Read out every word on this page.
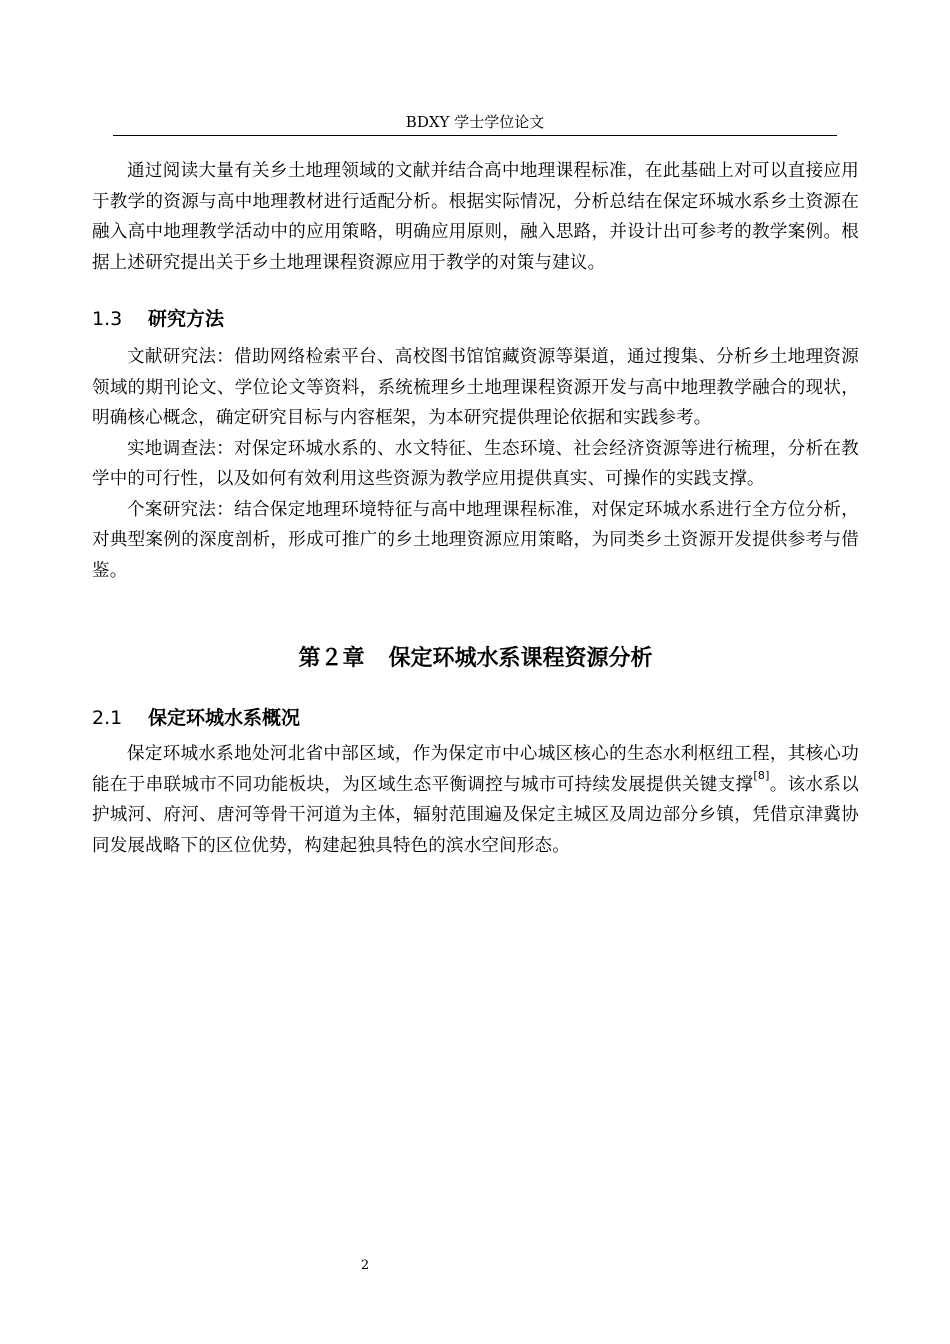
BDXY 学士学位论文

通过阅读大量有关乡土地理领域的文献并结合高中地理课程标准，在此基础上对可以直接应用于教学的资源与高中地理教材进行适配分析。根据实际情况，分析总结在保定环城水系乡土资源在融入高中地理教学活动中的应用策略，明确应用原则，融入思路，并设计出可参考的教学案例。根据上述研究提出关于乡土地理课程资源应用于教学的对策与建议。

1.3 研究方法

文献研究法：借助网络检索平台、高校图书馆馆藏资源等渠道，通过搜集、分析乡土地理资源领域的期刊论文、学位论文等资料，系统梳理乡土地理课程资源开发与高中地理教学融合的现状，明确核心概念，确定研究目标与内容框架，为本研究提供理论依据和实践参考。

实地调查法：对保定环城水系的、水文特征、生态环境、社会经济资源等进行梳理，分析在教学中的可行性，以及如何有效利用这些资源为教学应用提供真实、可操作的实践支撑。

个案研究法：结合保定地理环境特征与高中地理课程标准，对保定环城水系进行全方位分析，对典型案例的深度剖析，形成可推广的乡土地理资源应用策略，为同类乡土资源开发提供参考与借鉴。

第２章 保定环城水系课程资源分析
2.1 保定环城水系概况

保定环城水系地处河北省中部区域，作为保定市中心城区核心的生态水利枢纽工程，其核心功能在于串联城市不同功能板块，为区域生态平衡调控与城市可持续发展提供关键支撑[8]。该水系以护城河、府河、唐河等骨干河道为主体，辐射范围遍及保定主城区及周边部分乡镇，凭借京津冀协同发展战略下的区位优势，构建起独具特色的滨水空间形态。

2
